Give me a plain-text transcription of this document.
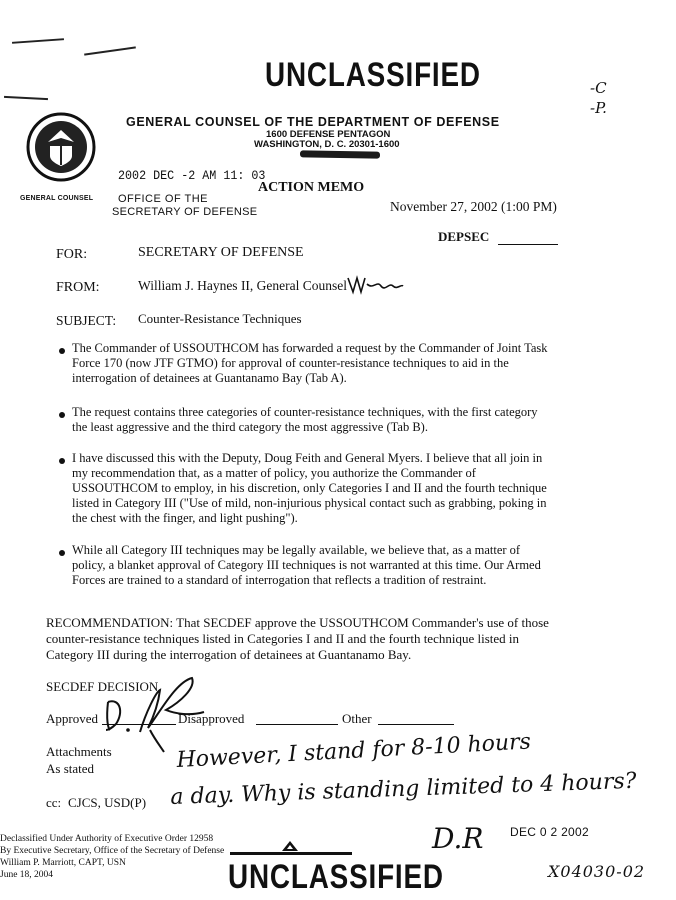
UNCLASSIFIED	-C
-P.
GENERAL COUNSEL
GENERAL COUNSEL OF THE DEPARTMENT OF DEFENSE
1600 DEFENSE PENTAGON
WASHINGTON, D. C. 20301-1600
2002 DEC -2 AM 11: 03
OFFICE OF THE
SECRETARY OF DEFENSE
ACTION MEMO
November 27, 2002 (1:00 PM)
DEPSEC
FOR:	SECRETARY OF DEFENSE
FROM:	William J. Haynes II, General Counsel
SUBJECT: Counter-Resistance Techniques
The Commander of USSOUTHCOM has forwarded a request by the Commander of Joint Task Force 170 (now JTF GTMO) for approval of counter-resistance techniques to aid in the interrogation of detainees at Guantanamo Bay (Tab A).
The request contains three categories of counter-resistance techniques, with the first category the least aggressive and the third category the most aggressive (Tab B).
I have discussed this with the Deputy, Doug Feith and General Myers. I believe that all join in my recommendation that, as a matter of policy, you authorize the Commander of USSOUTHCOM to employ, in his discretion, only Categories I and II and the fourth technique listed in Category III ("Use of mild, non-injurious physical contact such as grabbing, poking in the chest with the finger, and light pushing").
While all Category III techniques may be legally available, we believe that, as a matter of policy, a blanket approval of Category III techniques is not warranted at this time. Our Armed Forces are trained to a standard of interrogation that reflects a tradition of restraint.
RECOMMENDATION: That SECDEF approve the USSOUTHCOM Commander's use of those counter-resistance techniques listed in Categories I and II and the fourth technique listed in Category III during the interrogation of detainees at Guantanamo Bay.
SECDEF DECISION
Approved	Disapproved	Other
Attachments
As stated
cc: CJCS, USD(P)
However, I stand for 8-10 hours
a day. Why is standing limited to 4 hours?
D.R DEC 0 2 2002
Declassified Under Authority of Executive Order 12958
By Executive Secretary, Office of the Secretary of Defense
William P. Marriott, CAPT, USN
June 18, 2004	UNCLASSIFIED	X04030-02
